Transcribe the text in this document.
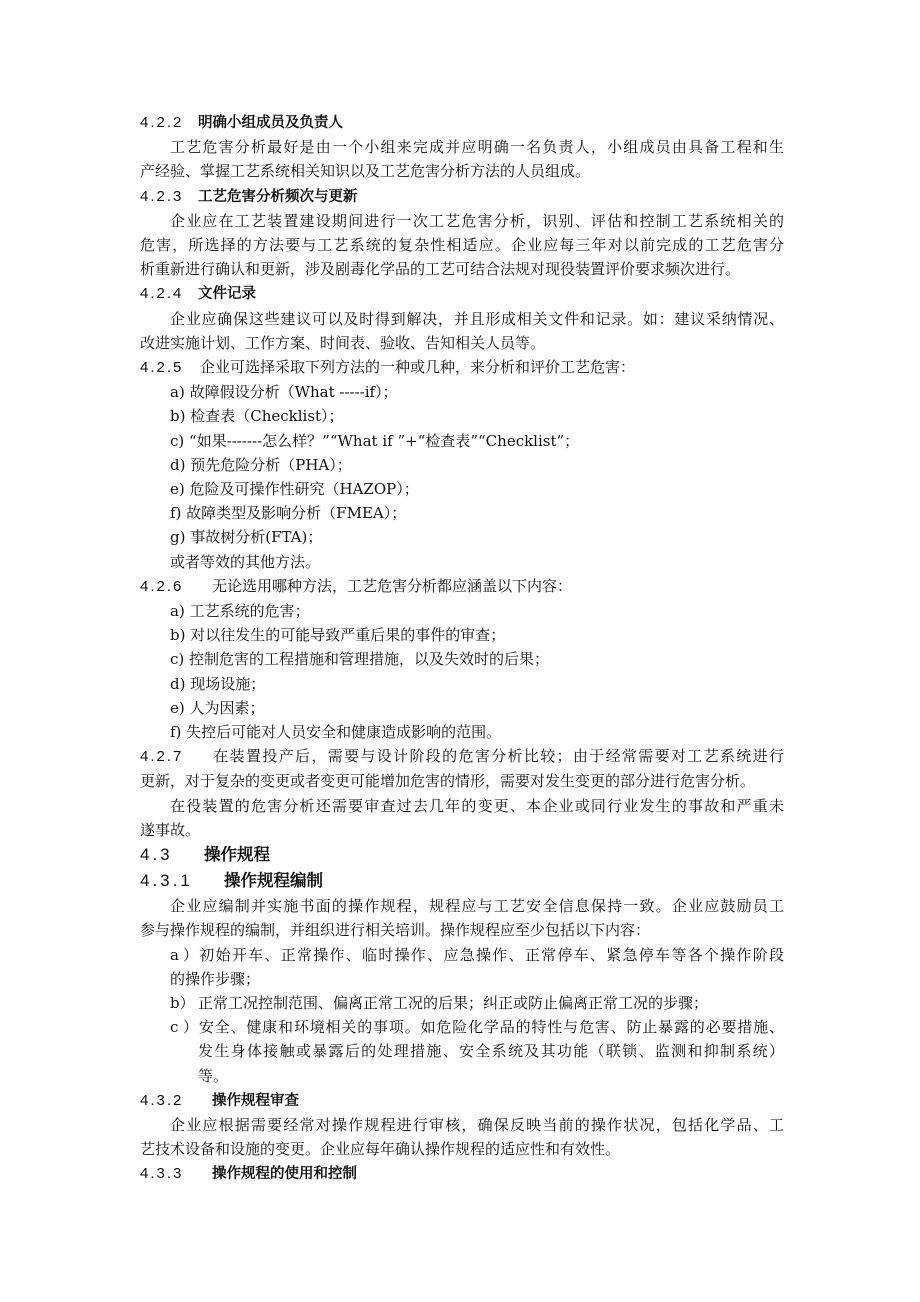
4.2.2 明确小组成员及负责人
工艺危害分析最好是由一个小组来完成并应明确一名负责人，小组成员由具备工程和生
产经验、掌握工艺系统相关知识以及工艺危害分析方法的人员组成。
4.2.3 工艺危害分析频次与更新
企业应在工艺装置建设期间进行一次工艺危害分析，识别、评估和控制工艺系统相关的
危害，所选择的方法要与工艺系统的复杂性相适应。企业应每三年对以前完成的工艺危害分
析重新进行确认和更新，涉及剧毒化学品的工艺可结合法规对现役装置评价要求频次进行。
4.2.4 文件记录
企业应确保这些建议可以及时得到解决，并且形成相关文件和记录。如：建议采纳情况、
改进实施计划、工作方案、时间表、验收、告知相关人员等。
4.2.5 企业可选择采取下列方法的一种或几种，来分析和评价工艺危害：
a) 故障假设分析（What -----if）；
b) 检查表（Checklist）；
c) “如果-------怎么样？”“What if ”+“检查表”“Checklist”；
d) 预先危险分析（PHA）；
e) 危险及可操作性研究（HAZOP）；
f) 故障类型及影响分析（FMEA）；
g) 事故树分析(FTA)；
或者等效的其他方法。
4.2.6 无论选用哪种方法，工艺危害分析都应涵盖以下内容：
a) 工艺系统的危害；
b) 对以往发生的可能导致严重后果的事件的审查；
c) 控制危害的工程措施和管理措施，以及失效时的后果；
d) 现场设施；
e) 人为因素；
f) 失控后可能对人员安全和健康造成影响的范围。
4.2.7 在装置投产后，需要与设计阶段的危害分析比较；由于经常需要对工艺系统进行
更新，对于复杂的变更或者变更可能增加危害的情形，需要对发生变更的部分进行危害分析。
在役装置的危害分析还需要审查过去几年的变更、本企业或同行业发生的事故和严重未
遂事故。
4.3 操作规程
4.3.1 操作规程编制
企业应编制并实施书面的操作规程，规程应与工艺安全信息保持一致。企业应鼓励员工
参与操作规程的编制，并组织进行相关培训。操作规程应至少包括以下内容：
a）初始开车、正常操作、临时操作、应急操作、正常停车、紧急停车等各个操作阶段
的操作步骤；
b） 正常工况控制范围、偏离正常工况的后果；纠正或防止偏离正常工况的步骤；
c）安全、健康和环境相关的事项。如危险化学品的特性与危害、防止暴露的必要措施、
发生身体接触或暴露后的处理措施、安全系统及其功能（联锁、监测和抑制系统）
等。
4.3.2 操作规程审查
企业应根据需要经常对操作规程进行审核，确保反映当前的操作状况，包括化学品、工
艺技术设备和设施的变更。企业应每年确认操作规程的适应性和有效性。
4.3.3 操作规程的使用和控制
